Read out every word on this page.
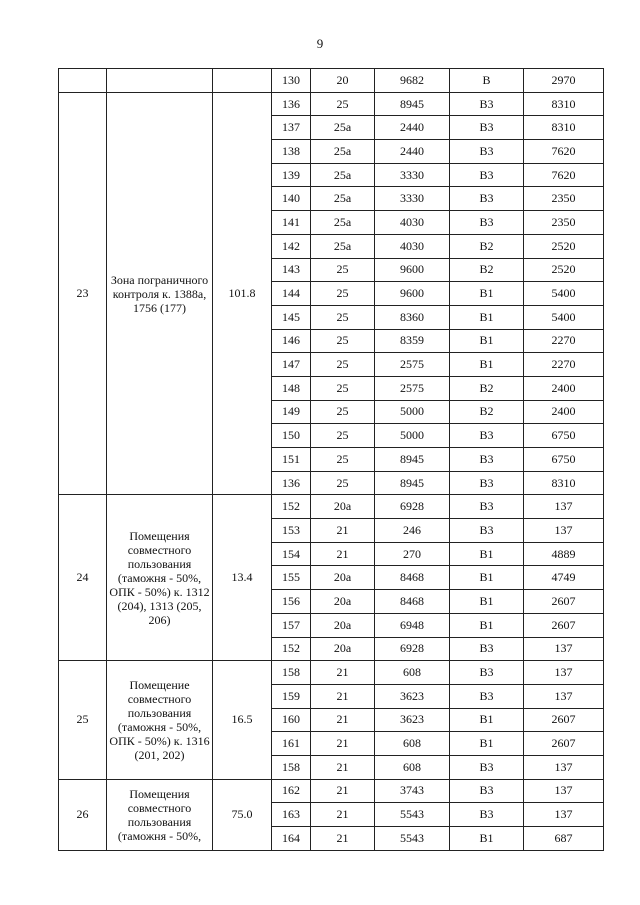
9
			130	20	9682	B	2970
23	Зона пограничного контроля к. 1388а, 1756 (177)	101.8	136	25	8945	B3	8310
			137	25a	2440	B3	8310
			138	25a	2440	B3	7620
			139	25a	3330	B3	7620
			140	25a	3330	B3	2350
			141	25a	4030	B3	2350
			142	25a	4030	B2	2520
			143	25	9600	B2	2520
			144	25	9600	B1	5400
			145	25	8360	B1	5400
			146	25	8359	B1	2270
			147	25	2575	B1	2270
			148	25	2575	B2	2400
			149	25	5000	B2	2400
			150	25	5000	B3	6750
			151	25	8945	B3	6750
			136	25	8945	B3	8310
24	Помещения совместного пользования (таможня - 50%, ОПК - 50%) к. 1312 (204), 1313 (205, 206)	13.4	152	20a	6928	B3	137
			153	21	246	B3	137
			154	21	270	B1	4889
			155	20a	8468	B1	4749
			156	20a	8468	B1	2607
			157	20a	6948	B1	2607
			152	20a	6928	B3	137
25	Помещение совместного пользования (таможня - 50%, ОПК - 50%) к. 1316 (201, 202)	16.5	158	21	608	B3	137
			159	21	3623	B3	137
			160	21	3623	B1	2607
			161	21	608	B1	2607
			158	21	608	B3	137
26	Помещения совместного пользования (таможня - 50%,	75.0	162	21	3743	B3	137
			163	21	5543	B3	137
			164	21	5543	B1	687
